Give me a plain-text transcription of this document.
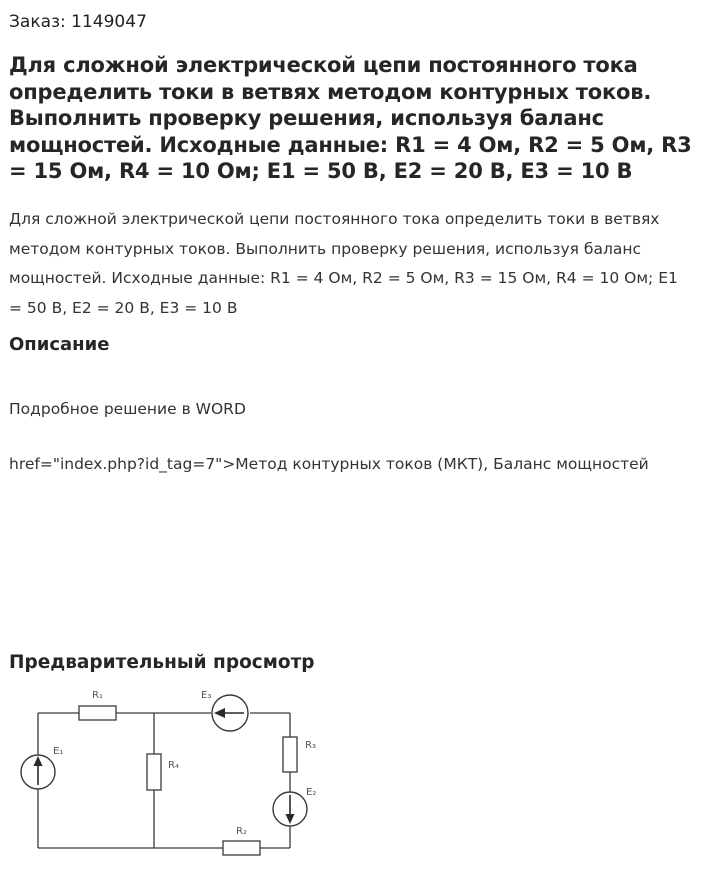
Заказ: 1149047
Для сложной электрической цепи постоянного тока определить токи в ветвях методом контурных токов. Выполнить проверку решения, используя баланс мощностей. Исходные данные: R1 = 4 Ом, R2 = 5 Ом, R3 = 15 Ом, R4 = 10 Ом; E1 = 50 В, E2 = 20 В, E3 = 10 В

Для сложной электрической цепи постоянного тока определить токи в ветвях методом контурных токов. Выполнить проверку решения, используя баланс мощностей. Исходные данные: R1 = 4 Ом, R2 = 5 Ом, R3 = 15 Ом, R4 = 10 Ом; E1 = 50 В, E2 = 20 В, E3 = 10 В

Описание

Подробное решение в WORD

href="index.php?id_tag=7">Метод контурных токов (МКТ), Баланс мощностей

Предварительный просмотр
R₁	E₃
E₁
R₄
R₃
E₂
R₂
